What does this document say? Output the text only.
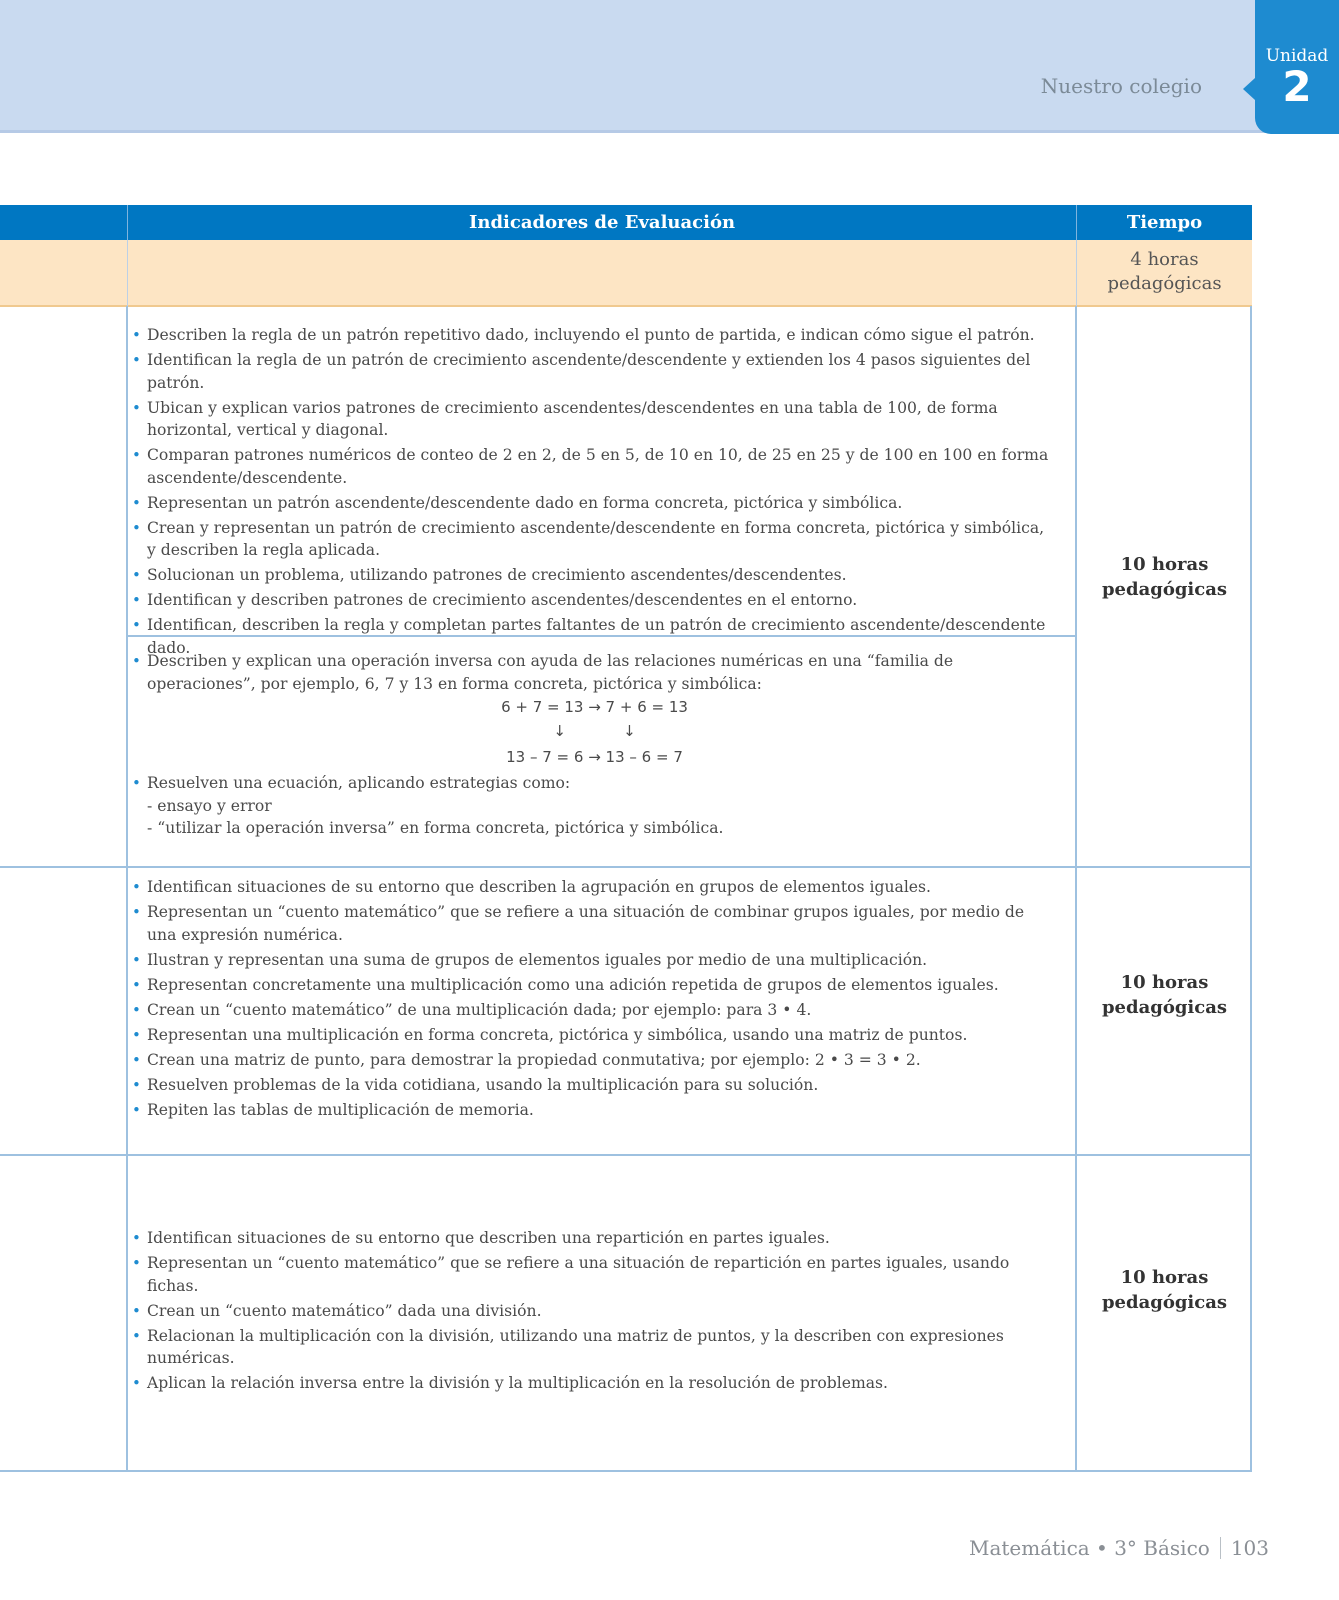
Nuestro colegio
Unidad
2
Indicadores de Evaluación	Tiempo
4 horas
pedagógicas
• Describen la regla de un patrón repetitivo dado, incluyendo el punto de partida, e indican cómo sigue el patrón.
• Identifican la regla de un patrón de crecimiento ascendente/descendente y extienden los 4 pasos siguientes del patrón.
• Ubican y explican varios patrones de crecimiento ascendentes/descendentes en una tabla de 100, de forma horizontal, vertical y diagonal.
• Comparan patrones numéricos de conteo de 2 en 2, de 5 en 5, de 10 en 10, de 25 en 25 y de 100 en 100 en forma ascendente/descendente.
• Representan un patrón ascendente/descendente dado en forma concreta, pictórica y simbólica.
• Crean y representan un patrón de crecimiento ascendente/descendente en forma concreta, pictórica y simbólica, y describen la regla aplicada.
• Solucionan un problema, utilizando patrones de crecimiento ascendentes/descendentes.
• Identifican y describen patrones de crecimiento ascendentes/descendentes en el entorno.
• Identifican, describen la regla y completan partes faltantes de un patrón de crecimiento ascendente/descendente dado.
• Describen y explican una operación inversa con ayuda de las relaciones numéricas en una “familia de operaciones”, por ejemplo, 6, 7 y 13 en forma concreta, pictórica y simbólica:
6 + 7 = 13 → 7 + 6 = 13
↓            ↓
13 – 7 = 6 → 13 – 6 = 7
• Resuelven una ecuación, aplicando estrategias como:
- ensayo y error
- “utilizar la operación inversa” en forma concreta, pictórica y simbólica.
10 horas
pedagógicas
• Identifican situaciones de su entorno que describen la agrupación en grupos de elementos iguales.
• Representan un “cuento matemático” que se refiere a una situación de combinar grupos iguales, por medio de una expresión numérica.
• Ilustran y representan una suma de grupos de elementos iguales por medio de una multiplicación.
• Representan concretamente una multiplicación como una adición repetida de grupos de elementos iguales.
• Crean un “cuento matemático” de una multiplicación dada; por ejemplo: para 3 • 4.
• Representan una multiplicación en forma concreta, pictórica y simbólica, usando una matriz de puntos.
• Crean una matriz de punto, para demostrar la propiedad conmutativa; por ejemplo: 2 • 3 = 3 • 2.
• Resuelven problemas de la vida cotidiana, usando la multiplicación para su solución.
• Repiten las tablas de multiplicación de memoria.
10 horas
pedagógicas
• Identifican situaciones de su entorno que describen una repartición en partes iguales.
• Representan un “cuento matemático” que se refiere a una situación de repartición en partes iguales, usando fichas.
• Crean un “cuento matemático” dada una división.
• Relacionan la multiplicación con la división, utilizando una matriz de puntos, y la describen con expresiones numéricas.
• Aplican la relación inversa entre la división y la multiplicación en la resolución de problemas.
10 horas
pedagógicas
Matemática • 3° Básico 103
